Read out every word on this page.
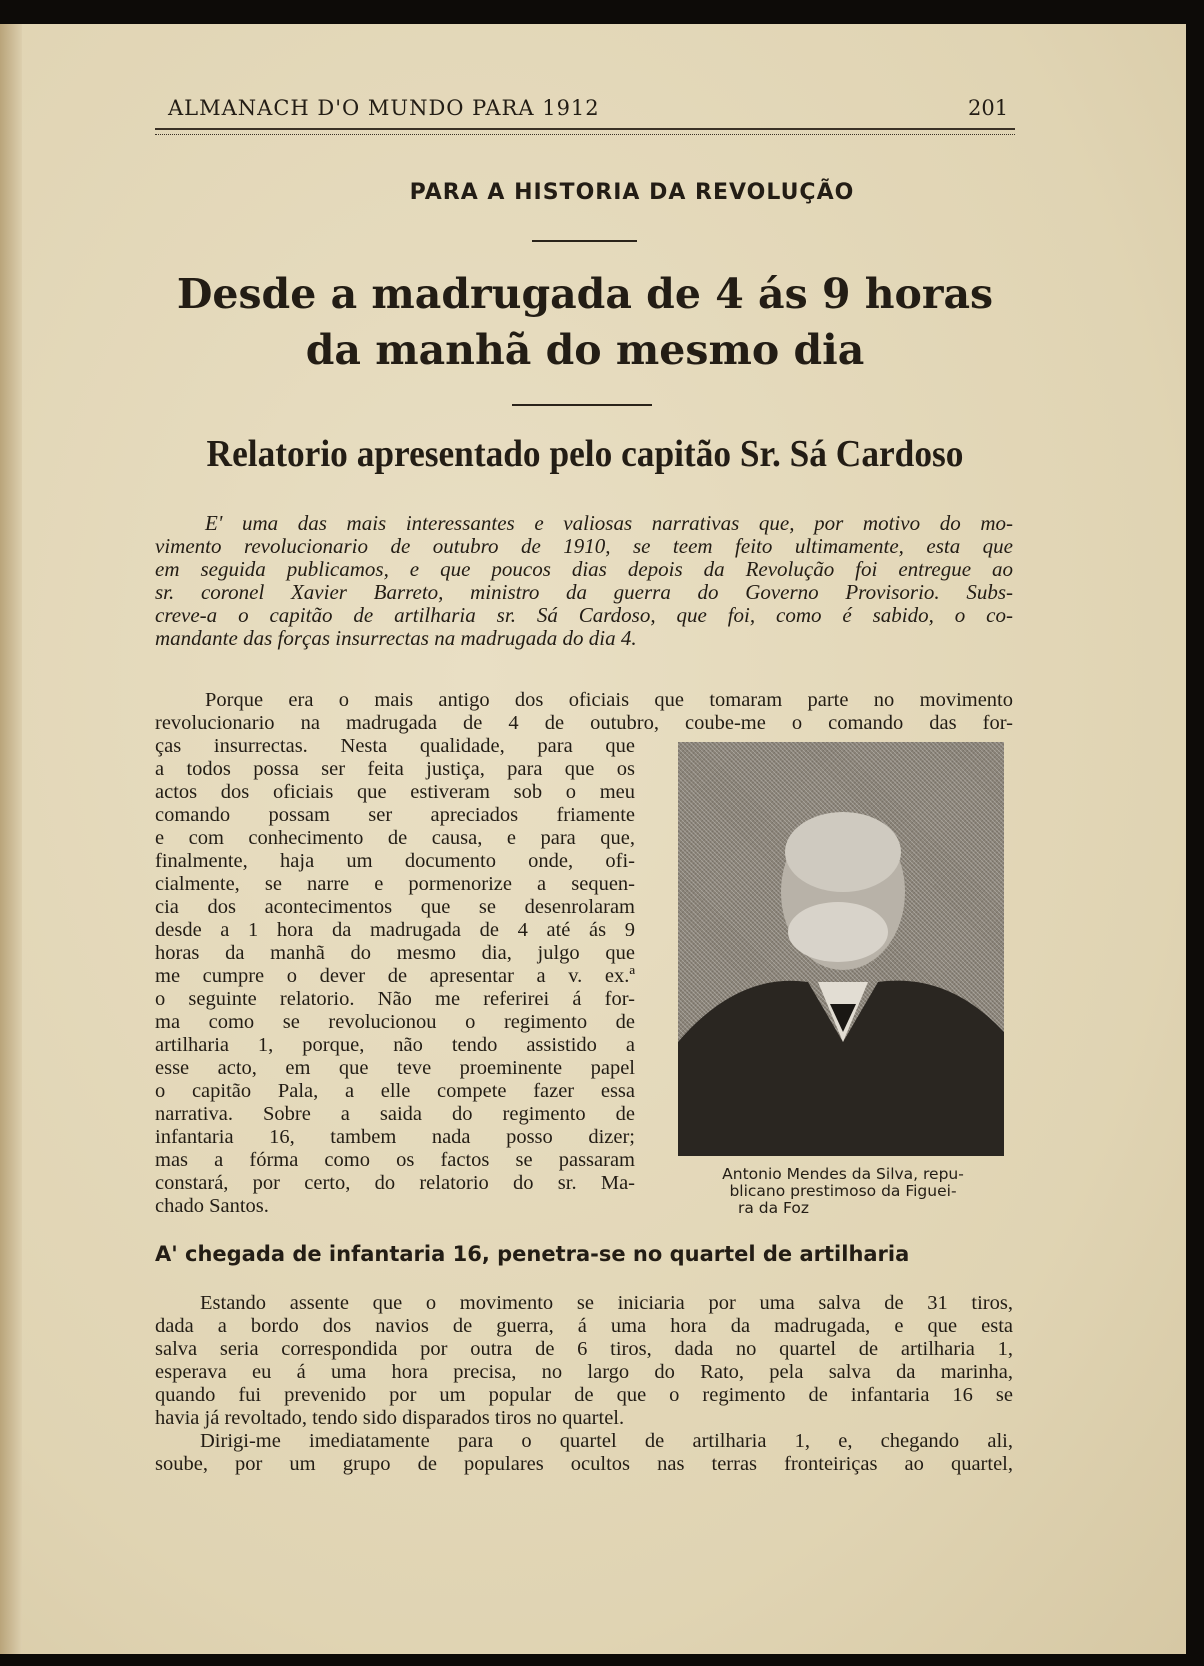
ALMANACH D'O MUNDO PARA 1912	201
PARA A HISTORIA DA REVOLUÇÃO
Desde a madrugada de 4 ás 9 horas
da manhã do mesmo dia
Relatorio apresentado pelo capitão Sr. Sá Cardoso
E' uma das mais interessantes e valiosas narrativas que, por motivo do mo-
vimento revolucionario de outubro de 1910, se teem feito ultimamente, esta que
em seguida publicamos, e que poucos dias depois da Revolução foi entregue ao
sr. coronel Xavier Barreto, ministro da guerra do Governo Provisorio. Subs-
creve-a o capitão de artilharia sr. Sá Cardoso, que foi, como é sabido, o co-
mandante das forças insurrectas na madrugada do dia 4.
Porque era o mais antigo dos oficiais que tomaram parte no movimento
revolucionario na madrugada de 4 de outubro, coube-me o comando das for-
ças insurrectas. Nesta qualidade, para que
a todos possa ser feita justiça, para que os
actos dos oficiais que estiveram sob o meu
comando possam ser apreciados friamente
e com conhecimento de causa, e para que,
finalmente, haja um documento onde, ofi-
cialmente, se narre e pormenorize a sequen-
cia dos acontecimentos que se desenrolaram
desde a 1 hora da madrugada de 4 até ás 9
horas da manhã do mesmo dia, julgo que
me cumpre o dever de apresentar a v. ex.ª
o seguinte relatorio. Não me referirei á for-
ma como se revolucionou o regimento de
artilharia 1, porque, não tendo assistido a
esse acto, em que teve proeminente papel
o capitão Pala, a elle compete fazer essa
narrativa. Sobre a saida do regimento de
infantaria 16, tambem nada posso dizer;
mas a fórma como os factos se passaram
constará, por certo, do relatorio do sr. Ma-
chado Santos.
Antonio Mendes da Silva, repu-
blicano prestimoso da Figuei-
ra da Foz
A' chegada de infantaria 16, penetra-se no quartel de artilharia
Estando assente que o movimento se iniciaria por uma salva de 31 tiros,
dada a bordo dos navios de guerra, á uma hora da madrugada, e que esta
salva seria correspondida por outra de 6 tiros, dada no quartel de artilharia 1,
esperava eu á uma hora precisa, no largo do Rato, pela salva da marinha,
quando fui prevenido por um popular de que o regimento de infantaria 16 se
havia já revoltado, tendo sido disparados tiros no quartel.
Dirigi-me imediatamente para o quartel de artilharia 1, e, chegando ali,
soube, por um grupo de populares ocultos nas terras fronteiriças ao quartel,
